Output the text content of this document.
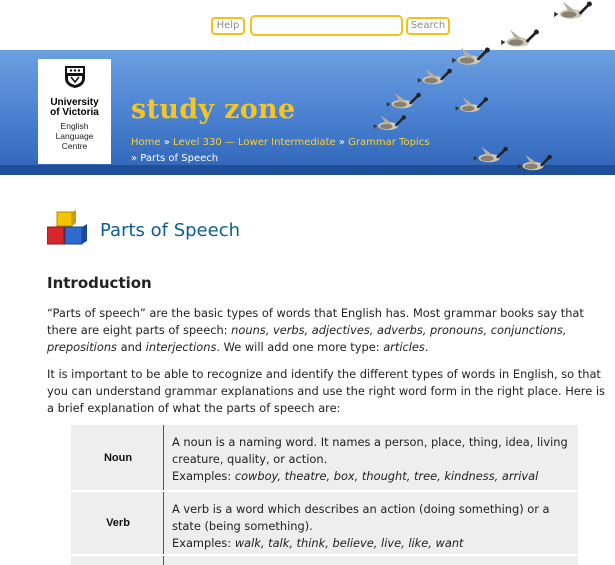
Help	Search
University
of Victoria
English
Language
Centre
study zone
Home » Level 330 — Lower Intermediate » Grammar Topics
» Parts of Speech
Parts of Speech
Introduction
“Parts of speech” are the basic types of words that English has. Most grammar books say that there are eight parts of speech: nouns, verbs, adjectives, adverbs, pronouns, conjunctions, prepositions and interjections. We will add one more type: articles.
It is important to be able to recognize and identify the different types of words in English, so that you can understand grammar explanations and use the right word form in the right place. Here is a brief explanation of what the parts of speech are:
Noun
A noun is a naming word. It names a person, place, thing, idea, living creature, quality, or action.
Examples: cowboy, theatre, box, thought, tree, kindness, arrival
Verb
A verb is a word which describes an action (doing something) or a state (being something).
Examples: walk, talk, think, believe, live, like, want
